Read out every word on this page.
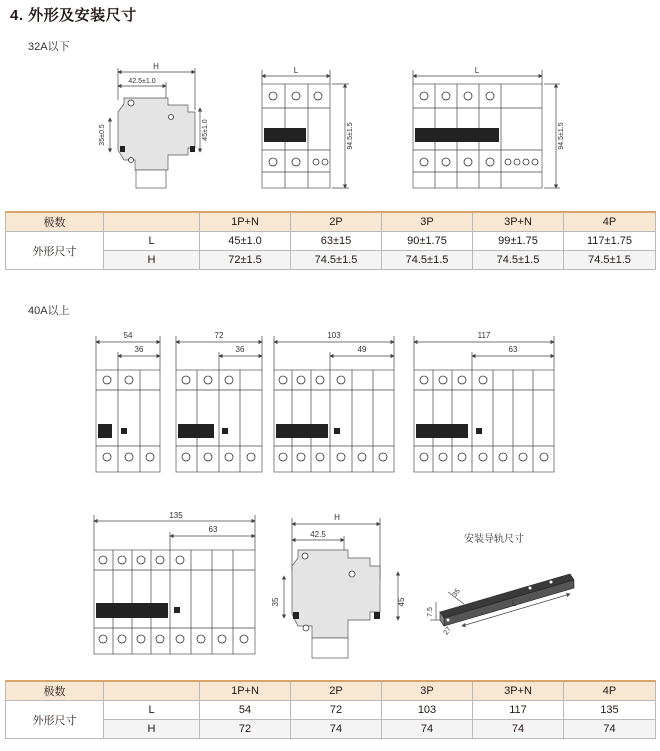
4. 外形及安装尺寸
32A以下
40A以上
H
42.5±1.0
35±0.5	45±1.0
L
94.5±1.5
L
94.5±1.5
极数		1P+N	2P	3P	3P+N	4P
外形尺寸	L	45±1.0	63±15	90±1.75	99±1.75	117±1.75
	H	72±1.5	74.5±1.5	74.5±1.5	74.5±1.5	74.5±1.5
54
36
72
36
103
49
117
63
135
63
H
42.5
35	45
安装导轨尺寸
7.5
35
27
L
极数		1P+N	2P	3P	3P+N	4P
外形尺寸	L	54	72	103	117	135
	H	72	74	74	74	74
